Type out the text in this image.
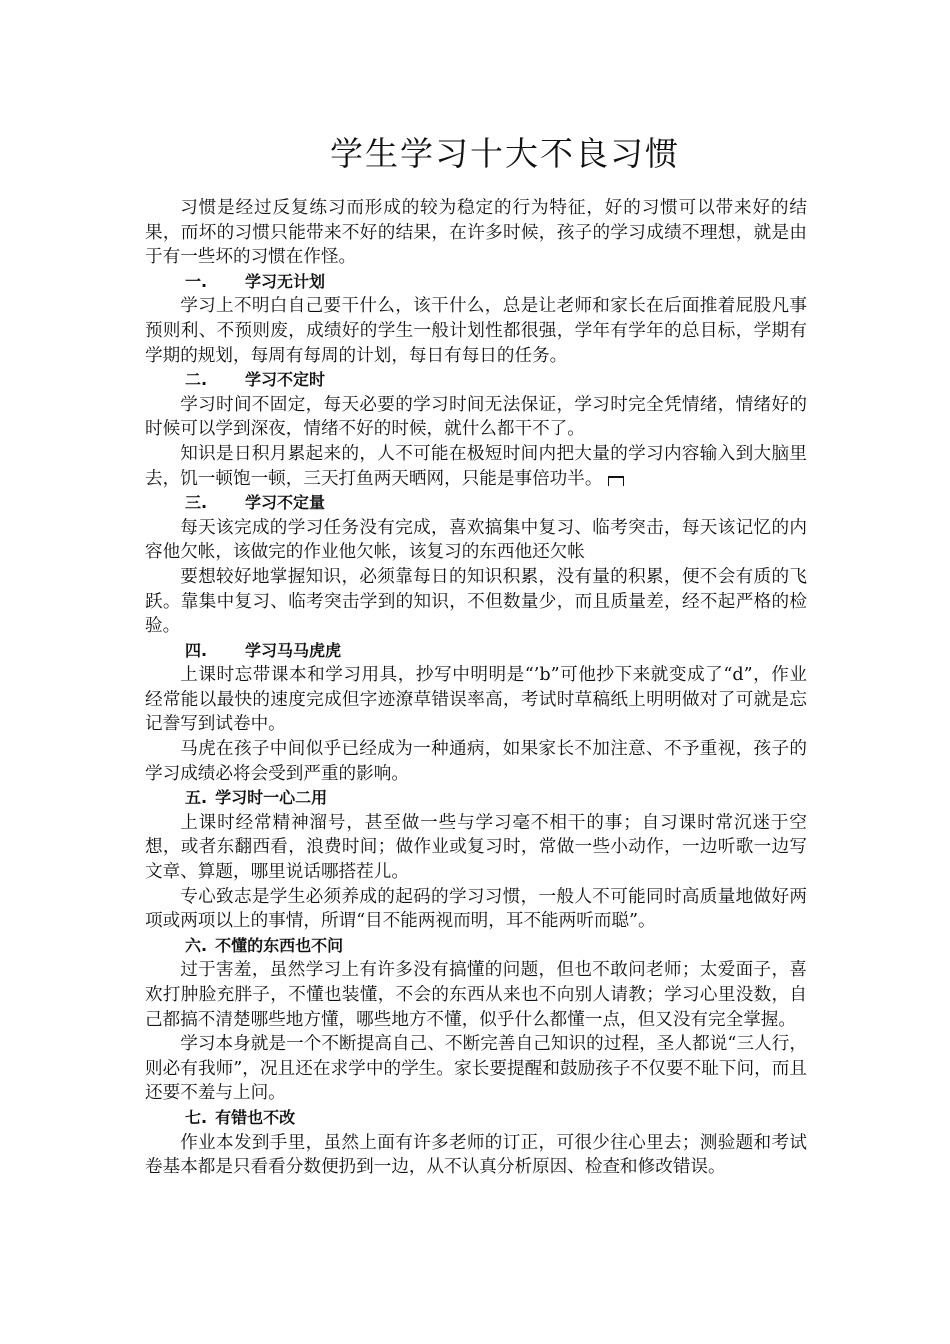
学生学习十大不良习惯

习惯是经过反复练习而形成的较为稳定的行为特征，好的习惯可以带来好的结果，而坏的习惯只能带来不好的结果，在许多时候，孩子的学习成绩不理想，就是由于有一些坏的习惯在作怪。

一. 学习无计划

学习上不明白自己要干什么，该干什么，总是让老师和家长在后面推着屁股凡事预则利、不预则废，成绩好的学生一般计划性都很强，学年有学年的总目标，学期有学期的规划，每周有每周的计划，每日有每日的任务。

二. 学习不定时

学习时间不固定，每天必要的学习时间无法保证，学习时完全凭情绪，情绪好的时候可以学到深夜，情绪不好的时候，就什么都干不了。

知识是日积月累起来的，人不可能在极短时间内把大量的学习内容输入到大脑里去，饥一顿饱一顿，三天打鱼两天晒网，只能是事倍功半。

三. 学习不定量

每天该完成的学习任务没有完成，喜欢搞集中复习、临考突击，每天该记忆的内容他欠帐，该做完的作业他欠帐，该复习的东西他还欠帐

要想较好地掌握知识，必须靠每日的知识积累，没有量的积累，便不会有质的飞跃。靠集中复习、临考突击学到的知识，不但数量少，而且质量差，经不起严格的检验。

四. 学习马马虎虎

上课时忘带课本和学习用具，抄写中明明是“’b”可他抄下来就变成了“d”，作业经常能以最快的速度完成但字迹潦草错误率高，考试时草稿纸上明明做对了可就是忘记誊写到试卷中。

马虎在孩子中间似乎已经成为一种通病，如果家长不加注意、不予重视，孩子的学习成绩必将会受到严重的影响。

五. 学习时一心二用

上课时经常精神溜号，甚至做一些与学习毫不相干的事；自习课时常沉迷于空想，或者东翻西看，浪费时间；做作业或复习时，常做一些小动作，一边听歌一边写文章、算题，哪里说话哪搭茬儿。

专心致志是学生必须养成的起码的学习习惯，一般人不可能同时高质量地做好两项或两项以上的事情，所谓“目不能两视而明，耳不能两听而聪”。

六. 不懂的东西也不问

过于害羞，虽然学习上有许多没有搞懂的问题，但也不敢问老师；太爱面子，喜欢打肿脸充胖子，不懂也装懂，不会的东西从来也不向别人请教；学习心里没数，自己都搞不清楚哪些地方懂，哪些地方不懂，似乎什么都懂一点，但又没有完全掌握。

学习本身就是一个不断提高自己、不断完善自己知识的过程，圣人都说“三人行，则必有我师”，况且还在求学中的学生。家长要提醒和鼓励孩子不仅要不耻下问，而且还要不羞与上问。

七. 有错也不改

作业本发到手里，虽然上面有许多老师的订正，可很少往心里去；测验题和考试卷基本都是只看看分数便扔到一边，从不认真分析原因、检查和修改错误。
